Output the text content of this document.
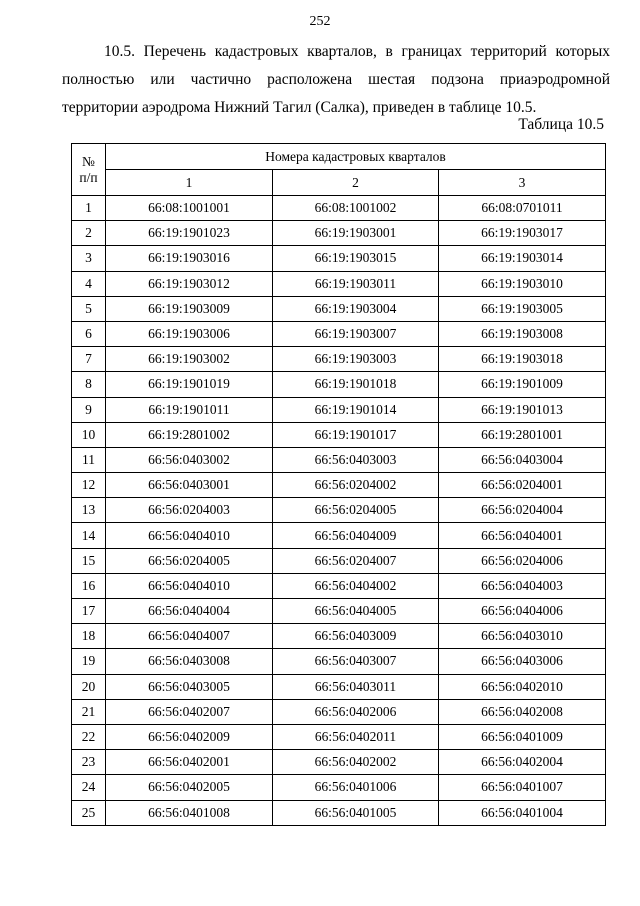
252

10.5. Перечень кадастровых кварталов, в границах территорий которых полностью или частично расположена шестая подзона приаэродромной территории аэродрома Нижний Тагил (Салка), приведен в таблице 10.5.

Таблица 10.5
№
п/п	Номера кадастровых кварталов		
	1	2	3
1	66:08:1001001	66:08:1001002	66:08:0701011
2	66:19:1901023	66:19:1903001	66:19:1903017
3	66:19:1903016	66:19:1903015	66:19:1903014
4	66:19:1903012	66:19:1903011	66:19:1903010
5	66:19:1903009	66:19:1903004	66:19:1903005
6	66:19:1903006	66:19:1903007	66:19:1903008
7	66:19:1903002	66:19:1903003	66:19:1903018
8	66:19:1901019	66:19:1901018	66:19:1901009
9	66:19:1901011	66:19:1901014	66:19:1901013
10	66:19:2801002	66:19:1901017	66:19:2801001
11	66:56:0403002	66:56:0403003	66:56:0403004
12	66:56:0403001	66:56:0204002	66:56:0204001
13	66:56:0204003	66:56:0204005	66:56:0204004
14	66:56:0404010	66:56:0404009	66:56:0404001
15	66:56:0204005	66:56:0204007	66:56:0204006
16	66:56:0404010	66:56:0404002	66:56:0404003
17	66:56:0404004	66:56:0404005	66:56:0404006
18	66:56:0404007	66:56:0403009	66:56:0403010
19	66:56:0403008	66:56:0403007	66:56:0403006
20	66:56:0403005	66:56:0403011	66:56:0402010
21	66:56:0402007	66:56:0402006	66:56:0402008
22	66:56:0402009	66:56:0402011	66:56:0401009
23	66:56:0402001	66:56:0402002	66:56:0402004
24	66:56:0402005	66:56:0401006	66:56:0401007
25	66:56:0401008	66:56:0401005	66:56:0401004
